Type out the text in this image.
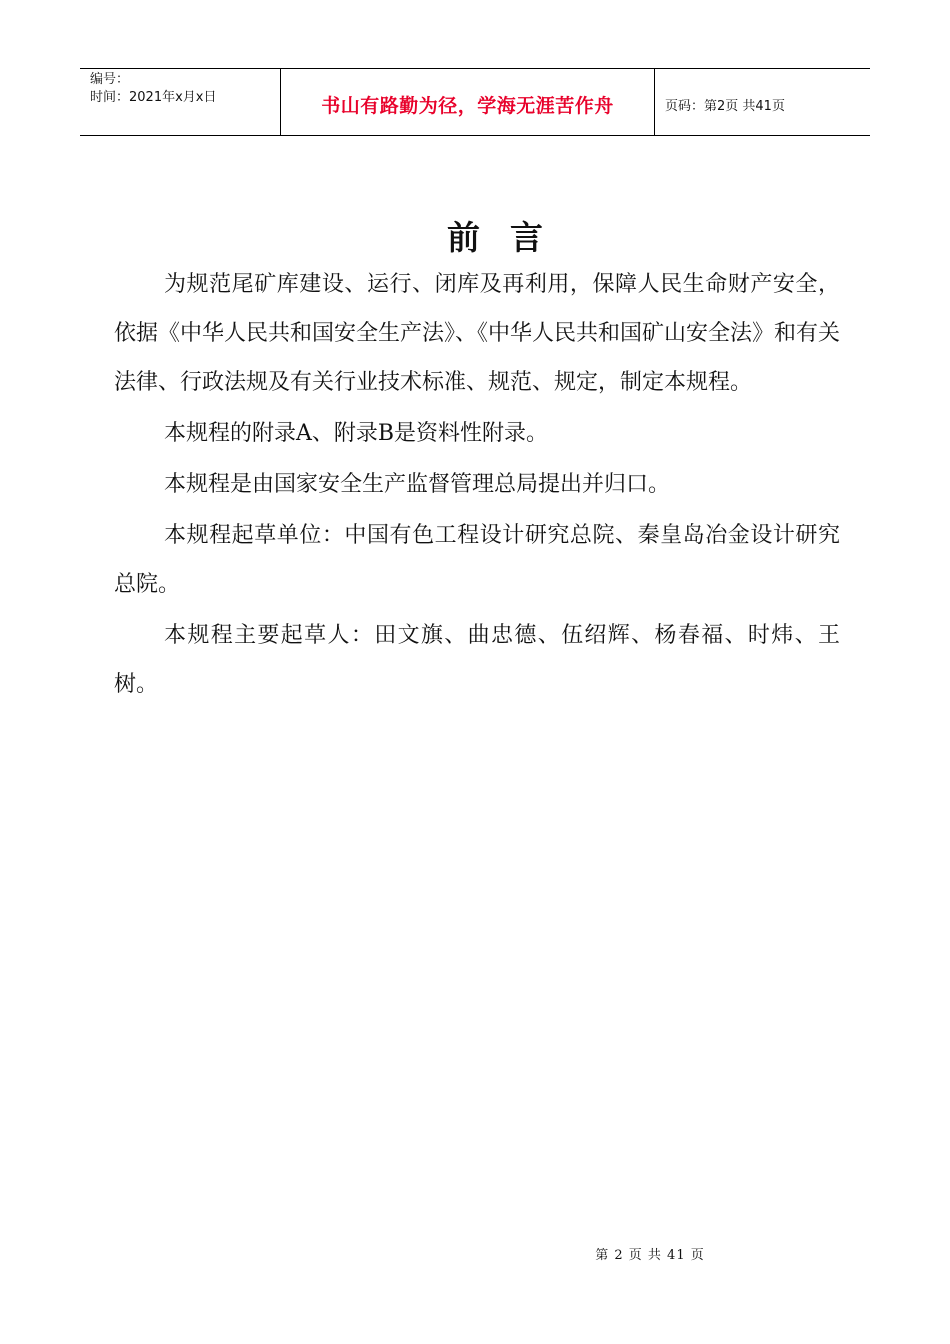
编号：
时间：2021年x月x日	书山有路勤为径，学海无涯苦作舟	页码：第2页 共41页
前言

为规范尾矿库建设、运行、闭库及再利用，保障人民生命财产安全，依据《中华人民共和国安全生产法》、《中华人民共和国矿山安全法》和有关法律、行政法规及有关行业技术标准、规范、规定，制定本规程。

本规程的附录A、附录B是资料性附录。

本规程是由国家安全生产监督管理总局提出并归口。

本规程起草单位：中国有色工程设计研究总院、秦皇岛冶金设计研究总院。

本规程主要起草人：田文旗、曲忠德、伍绍辉、杨春福、时炜、王树。

第 2 页 共 41 页
